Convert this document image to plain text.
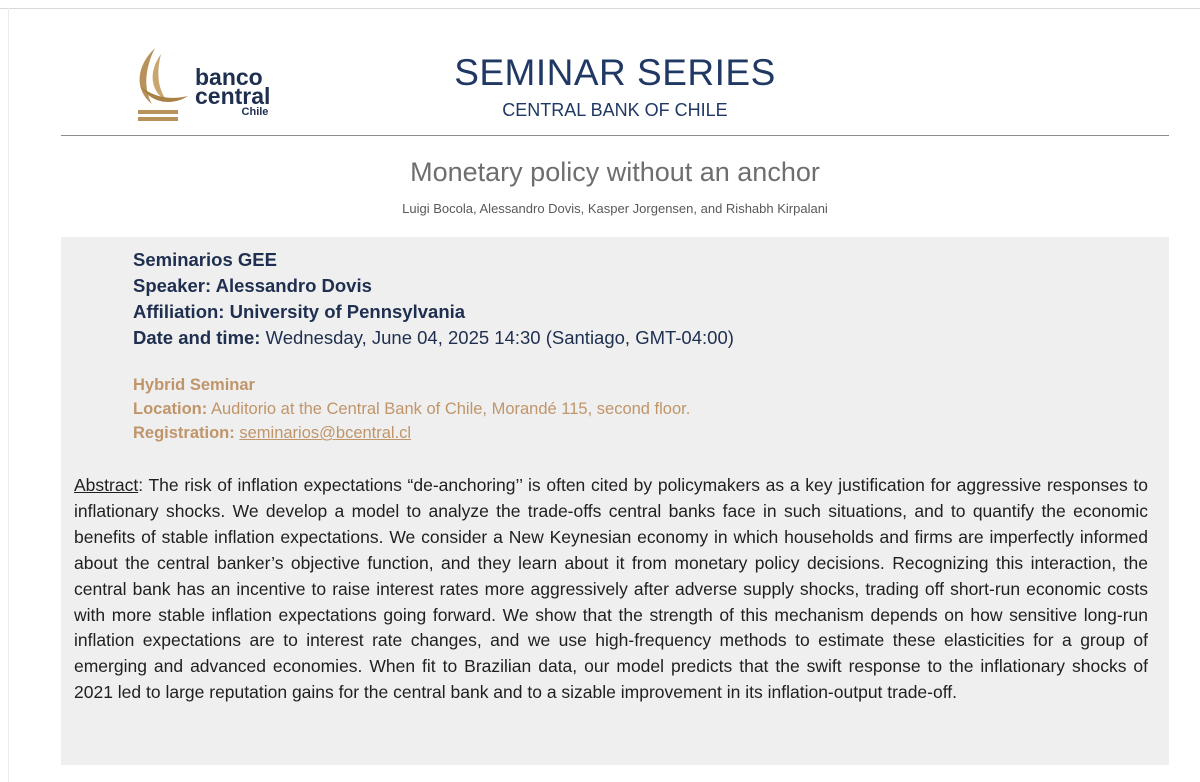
banco
central
Chile
SEMINAR SERIES
CENTRAL BANK OF CHILE
Monetary policy without an anchor
Luigi Bocola, Alessandro Dovis, Kasper Jorgensen, and Rishabh Kirpalani
Seminarios GEE
Speaker: Alessandro Dovis
Affiliation: University of Pennsylvania
Date and time: Wednesday, June 04, 2025 14:30 (Santiago, GMT-04:00)
Hybrid Seminar
Location: Auditorio at the Central Bank of Chile, Morandé 115, second floor.
Registration: seminarios@bcentral.cl
Abstract: The risk of inflation expectations “de-anchoring’’ is often cited by policymakers as a key justification for aggressive responses to inflationary shocks. We develop a model to analyze the trade-offs central banks face in such situations, and to quantify the economic benefits of stable inflation expectations. We consider a New Keynesian economy in which households and firms are imperfectly informed about the central banker’s objective function, and they learn about it from monetary policy decisions. Recognizing this interaction, the central bank has an incentive to raise interest rates more aggressively after adverse supply shocks, trading off short-run economic costs with more stable inflation expectations going forward. We show that the strength of this mechanism depends on how sensitive long-run inflation expectations are to interest rate changes, and we use high-frequency methods to estimate these elasticities for a group of emerging and advanced economies. When fit to Brazilian data, our model predicts that the swift response to the inflationary shocks of 2021 led to large reputation gains for the central bank and to a sizable improvement in its inflation-output trade-off.
